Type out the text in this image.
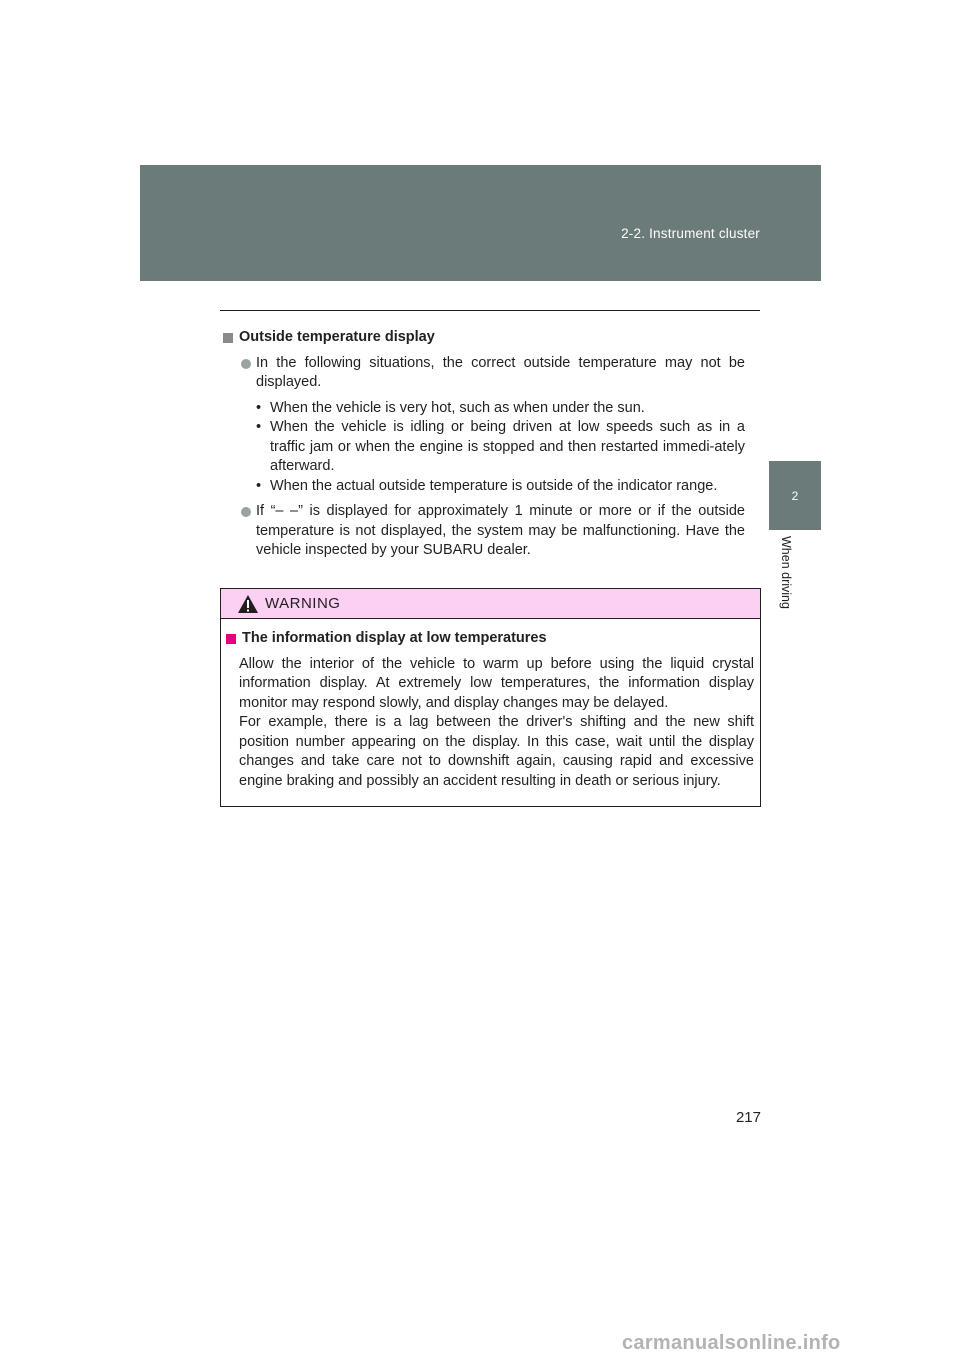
2-2. Instrument cluster
2
When driving
Outside temperature display
In the following situations, the correct outside temperature may not be displayed.
• When the vehicle is very hot, such as when under the sun.
• When the vehicle is idling or being driven at low speeds such as in a traffic jam or when the engine is stopped and then restarted immedi-ately afterward.
• When the actual outside temperature is outside of the indicator range.
If “– –” is displayed for approximately 1 minute or more or if the outside temperature is not displayed, the system may be malfunctioning. Have the vehicle inspected by your SUBARU dealer.
WARNING
The information display at low temperatures
Allow the interior of the vehicle to warm up before using the liquid crystal information display. At extremely low temperatures, the information display monitor may respond slowly, and display changes may be delayed.
For example, there is a lag between the driver's shifting and the new shift position number appearing on the display. In this case, wait until the display changes and take care not to downshift again, causing rapid and excessive engine braking and possibly an accident resulting in death or serious injury.
217
carmanualsonline.info
